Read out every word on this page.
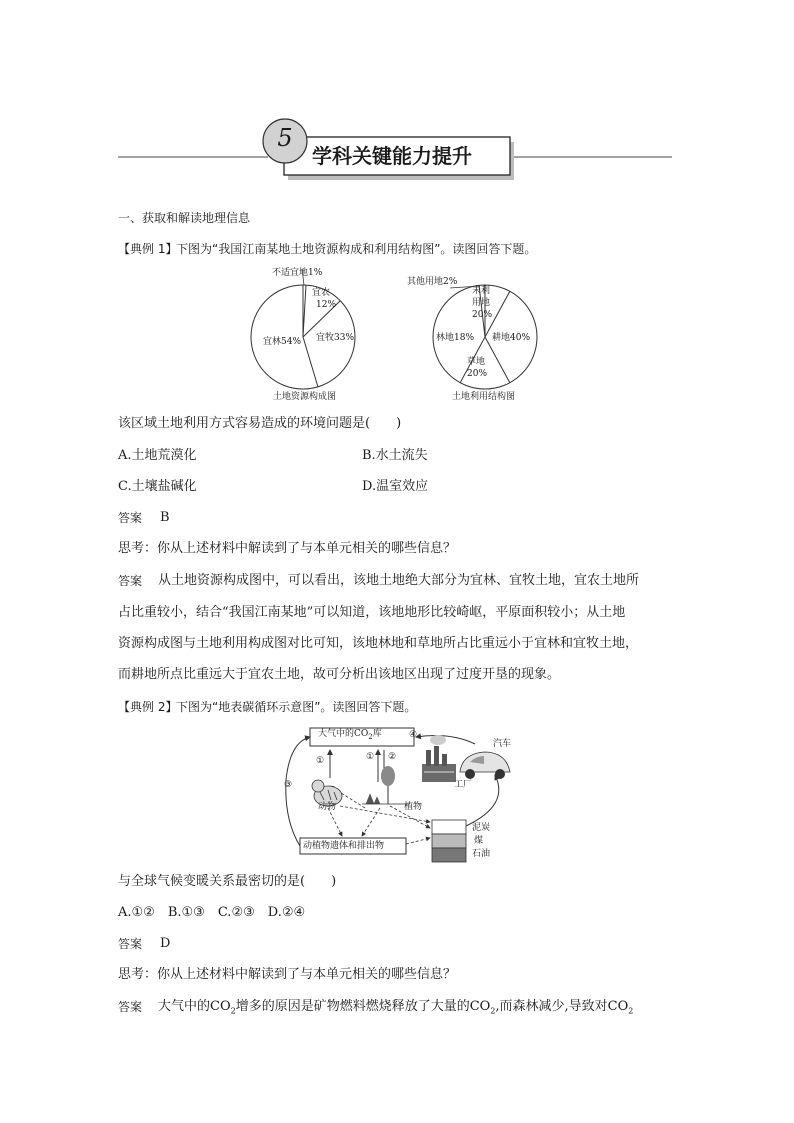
5
学科关键能力提升
一、获取和解读地理信息
【典例 1】
下图为“我国江南某地土地资源构成和利用结构图”。读图回答下题。
不适宜地1%
宜农
12%
宜牧33%
宜林54%
土地资源构成图
其他用地2%
未利
用地
20%
林地18% 耕地40%
草地
20%
土地利用结构图
该区域土地利用方式容易造成的环境问题是(　　)
A.土地荒漠化	B.水土流失
C.土壤盐碱化	D.温室效应
答案 B
思考：你从上述材料中解读到了与本单元相关的哪些信息？
答案 从土地资源构成图中，可以看出，该地土地绝大部分为宜林、宜牧土地，宜农土地所
占比重较小，结合“我国江南某地”可以知道，该地地形比较崎岖，平原面积较小；从土地
资源构成图与土地利用构成图对比可知，该地林地和草地所占比重远小于宜林和宜牧土地，
而耕地所点比重远大于宜农土地，故可分析出该地区出现了过度开垦的现象。
【典例 2】
下图为“地表碳循环示意图”。读图回答下题。
大气中的$CO_2$库	④
汽车
①	① ②
③	工厂
动物	植物
动植物遗体和排出物
泥炭
煤
石油
与全球气候变暖关系最密切的是(　　)
A.①②　B.①③　C.②③　D.②④
答案 D
思考：你从上述材料中解读到了与本单元相关的哪些信息？
答案 大气中的$CO_2$增多的原因是矿物燃料燃烧释放了大量的$CO_2$,而森林减少,导致对$CO_2$
